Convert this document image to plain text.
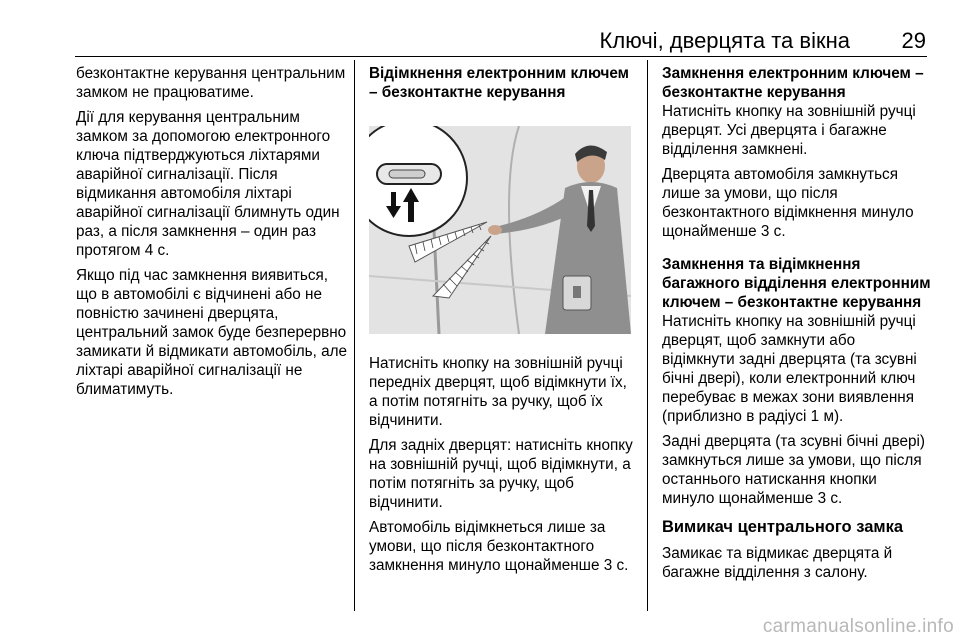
Ключі, дверцята та вікна 29

безконтактне керування центральним замком не працюватиме.

Дії для керування центральним замком за допомогою електронного ключа підтверджуються ліхтарями аварійної сигналізації. Після відмикання автомобіля ліхтарі аварійної сигналізації блимнуть один раз, а після замкнення – один раз протягом 4 с.

Якщо під час замкнення виявиться, що в автомобілі є відчинені або не повністю зачинені дверцята, центральний замок буде безперервно замикати й відмикати автомобіль, але ліхтарі аварійної сигналізації не блиматимуть.

Відімкнення електронним ключем – безконтактне керування

Натисніть кнопку на зовнішній ручці передніх дверцят, щоб відімкнути їх, а потім потягніть за ручку, щоб їх відчинити.

Для задніх дверцят: натисніть кнопку на зовнішній ручці, щоб відімкнути, а потім потягніть за ручку, щоб відчинити.

Автомобіль відімкнеться лише за умови, що після безконтактного замкнення минуло щонайменше 3 с.

Замкнення електронним ключем – безконтактне керування

Натисніть кнопку на зовнішній ручці дверцят. Усі дверцята і багажне відділення замкнені.

Дверцята автомобіля замкнуться лише за умови, що після безконтактного відімкнення минуло щонайменше 3 с.

Замкнення та відімкнення багажного відділення електронним ключем – безконтактне керування

Натисніть кнопку на зовнішній ручці дверцят, щоб замкнути або відімкнути задні дверцята (та зсувні бічні двері), коли електронний ключ перебуває в межах зони виявлення (приблизно в радіусі 1 м).

Задні дверцята (та зсувні бічні двері) замкнуться лише за умови, що після останнього натискання кнопки минуло щонайменше 3 с.

Вимикач центрального замка

Замикає та відмикає дверцята й багажне відділення з салону.

carmanualsonline.info
